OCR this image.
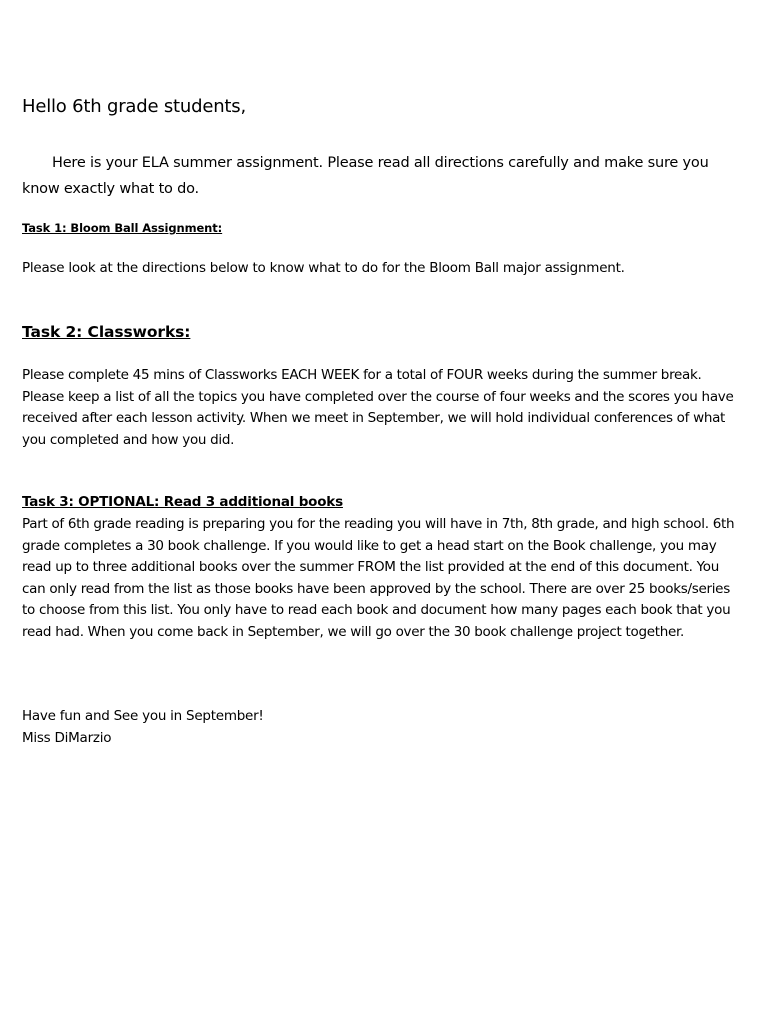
Hello 6th grade students,

Here is your ELA summer assignment. Please read all directions carefully and make sure you know exactly what to do.

Task 1: Bloom Ball Assignment:

Please look at the directions below to know what to do for the Bloom Ball major assignment.

Task 2: Classworks:

Please complete 45 mins of Classworks EACH WEEK for a total of FOUR weeks during the summer break. Please keep a list of all the topics you have completed over the course of four weeks and the scores you have received after each lesson activity. When we meet in September, we will hold individual conferences of what you completed and how you did.

Task 3: OPTIONAL: Read 3 additional books

Part of 6th grade reading is preparing you for the reading you will have in 7th, 8th grade, and high school. 6th grade completes a 30 book challenge. If you would like to get a head start on the Book challenge, you may read up to three additional books over the summer FROM the list provided at the end of this document. You can only read from the list as those books have been approved by the school. There are over 25 books/series to choose from this list. You only have to read each book and document how many pages each book that you read had. When you come back in September, we will go over the 30 book challenge project together.

Have fun and See you in September!

Miss DiMarzio
